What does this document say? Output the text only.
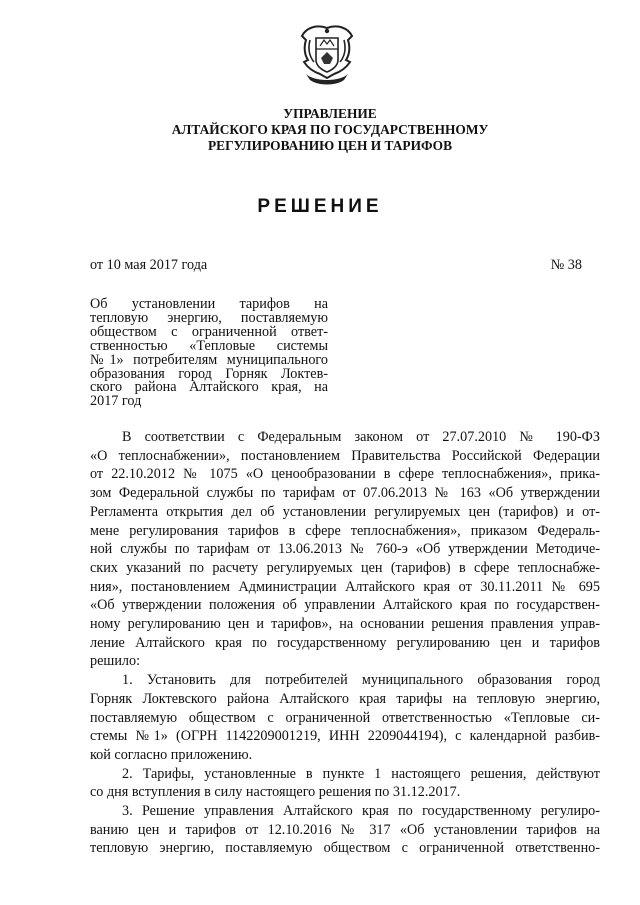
УПРАВЛЕНИЕ
АЛТАЙСКОГО КРАЯ ПО ГОСУДАРСТВЕННОМУ
РЕГУЛИРОВАНИЮ ЦЕН И ТАРИФОВ
РЕШЕНИЕ
от 10 мая 2017 года	№ 38
Об установлении тарифов на
тепловую энергию, поставляемую
обществом с ограниченной ответ-
ственностью «Тепловые системы
№1» потребителям муниципального
образования город Горняк Локтев-
ского района Алтайского края, на
2017 год
В соответствии с Федеральным законом от 27.07.2010 № 190-ФЗ
«О теплоснабжении», постановлением Правительства Российской Федерации
от 22.10.2012 № 1075 «О ценообразовании в сфере теплоснабжения», прика-
зом Федеральной службы по тарифам от 07.06.2013 № 163 «Об утверждении
Регламента открытия дел об установлении регулируемых цен (тарифов) и от-
мене регулирования тарифов в сфере теплоснабжения», приказом Федераль-
ной службы по тарифам от 13.06.2013 № 760-э «Об утверждении Методиче-
ских указаний по расчету регулируемых цен (тарифов) в сфере теплоснабже-
ния», постановлением Администрации Алтайского края от 30.11.2011 № 695
«Об утверждении положения об управлении Алтайского края по государствен-
ному регулированию цен и тарифов», на основании решения правления управ-
ление Алтайского края по государственному регулированию цен и тарифов
решило:
1. Установить для потребителей муниципального образования город
Горняк Локтевского района Алтайского края тарифы на тепловую энергию,
поставляемую обществом с ограниченной ответственностью «Тепловые си-
стемы №1» (ОГРН 1142209001219, ИНН 2209044194), с календарной разбив-
кой согласно приложению.
2. Тарифы, установленные в пункте 1 настоящего решения, действуют
со дня вступления в силу настоящего решения по 31.12.2017.
3. Решение управления Алтайского края по государственному регулиро-
ванию цен и тарифов от 12.10.2016 № 317 «Об установлении тарифов на
тепловую энергию, поставляемую обществом с ограниченной ответственно-
